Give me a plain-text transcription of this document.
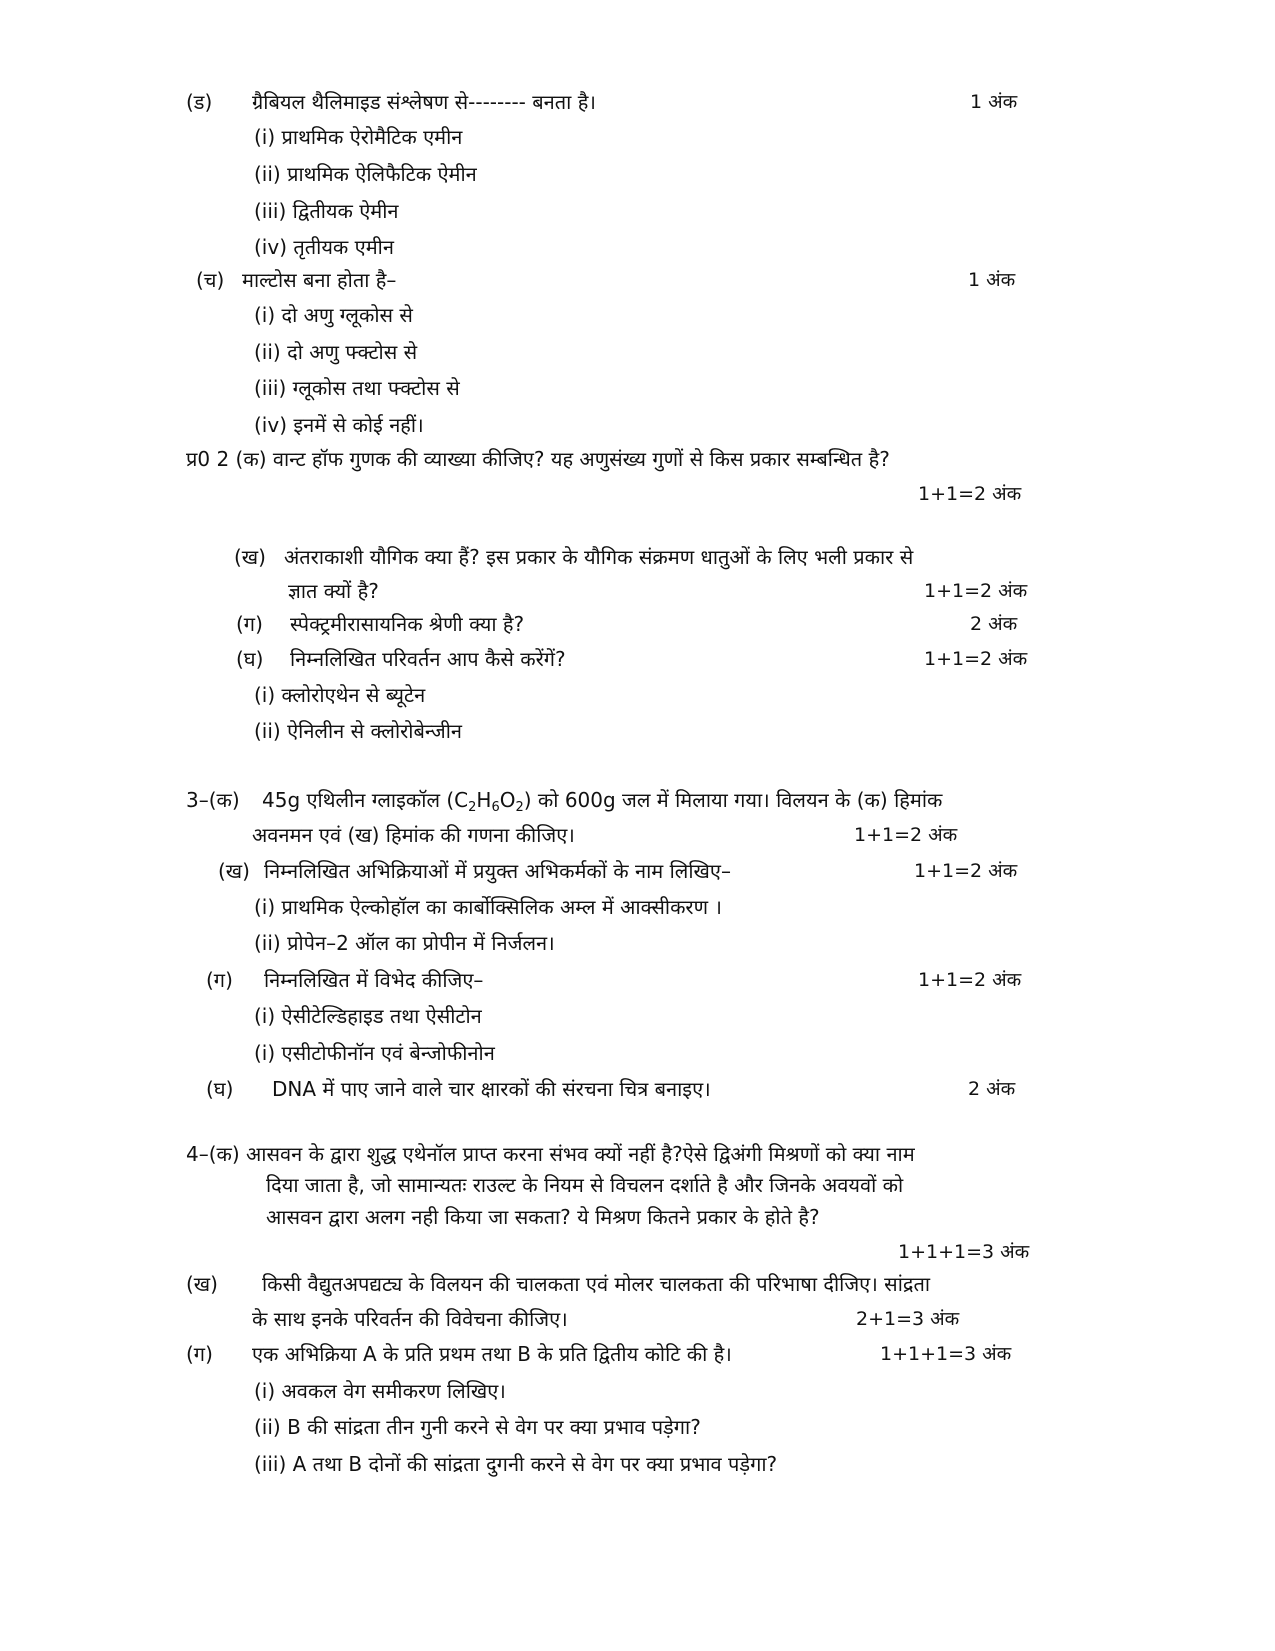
(ड) ग्रैबियल थैलिमाइड संश्लेषण से-------- बनता है।	1 अंक
(i) प्राथमिक ऐरोमैटिक एमीन
(ii) प्राथमिक ऐलिफैटिक ऐमीन
(iii) द्वितीयक ऐमीन
(iv) तृतीयक एमीन
(च) माल्टोस बना होता है–	1 अंक
(i) दो अणु ग्लूकोस से
(ii) दो अणु फ्क्टोस से
(iii) ग्लूकोस तथा फ्क्टोस से
(iv) इनमें से कोई नहीं।
प्र0 2 (क) वान्ट हॉफ गुणक की व्याख्या कीजिए? यह अणुसंख्य गुणों से किस प्रकार सम्बन्धित है?
1+1=2 अंक
(ख) अंतराकाशी यौगिक क्या हैं? इस प्रकार के यौगिक संक्रमण धातुओं के लिए भली प्रकार से
ज्ञात क्यों है?	1+1=2 अंक
(ग) स्पेक्ट्रमीरासायनिक श्रेणी क्या है?	2 अंक
(घ) निम्नलिखित परिवर्तन आप कैसे करेंगें?	1+1=2 अंक
(i) क्लोरोएथेन से ब्यूटेन
(ii) ऐनिलीन से क्लोरोबेन्जीन
3–(क) 45g एथिलीन ग्लाइकॉल $(C_2H_6O_2)$ को 600g जल में मिलाया गया। विलयन के (क) हिमांक
अवनमन एवं (ख) हिमांक की गणना कीजिए।	1+1=2 अंक
(ख) निम्नलिखित अभिक्रियाओं में प्रयुक्त अभिकर्मकों के नाम लिखिए–	1+1=2 अंक
(i) प्राथमिक ऐल्कोहॉल का कार्बोक्सिलिक अम्ल में आक्सीकरण ।
(ii) प्रोपेन–2 ऑल का प्रोपीन में निर्जलन।
(ग) निम्नलिखित में विभेद कीजिए–	1+1=2 अंक
(i) ऐसीटेल्डिहाइड तथा ऐसीटोन
(i) एसीटोफीनॉन एवं बेन्जोफीनोन
(घ) DNA में पाए जाने वाले चार क्षारकों की संरचना चित्र बनाइए।	2 अंक
4–(क) आसवन के द्वारा शुद्ध एथेनॉल प्राप्त करना संभव क्यों नहीं है?ऐसे द्विअंगी मिश्रणों को क्या नाम
दिया जाता है, जो सामान्यतः राउल्ट के नियम से विचलन दर्शाते है और जिनके अवयवों को
आसवन द्वारा अलग नही किया जा सकता? ये मिश्रण कितने प्रकार के होते है?
1+1+1=3 अंक
(ख) किसी वैद्युतअपद्यट्य के विलयन की चालकता एवं मोलर चालकता की परिभाषा दीजिए। सांद्रता
के साथ इनके परिवर्तन की विवेचना कीजिए।	2+1=3 अंक
(ग) एक अभिक्रिया A के प्रति प्रथम तथा B के प्रति द्वितीय कोटि की है।	1+1+1=3 अंक
(i) अवकल वेग समीकरण लिखिए।
(ii) B की सांद्रता तीन गुनी करने से वेग पर क्या प्रभाव पड़ेगा?
(iii) A तथा B दोनों की सांद्रता दुगनी करने से वेग पर क्या प्रभाव पड़ेगा?
